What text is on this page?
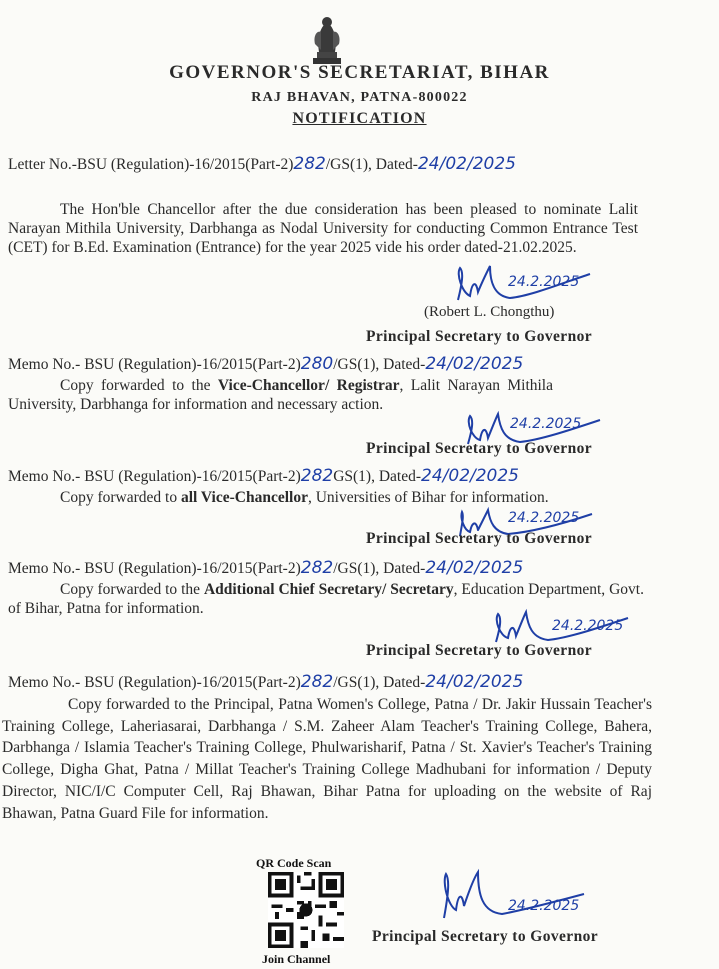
GOVERNOR'S SECRETARIAT, BIHAR
RAJ BHAVAN, PATNA-800022
NOTIFICATION
Letter No.-BSU (Regulation)-16/2015(Part-2)282/GS(1), Dated-24/02/2025
The Hon'ble Chancellor after the due consideration has been pleased to nominate Lalit Narayan Mithila University, Darbhanga as Nodal University for conducting Common Entrance Test (CET) for B.Ed. Examination (Entrance) for the year 2025 vide his order dated-21.02.2025.
24.2.2025
(Robert L. Chongthu)
Principal Secretary to Governor
Memo No.- BSU (Regulation)-16/2015(Part-2)280/GS(1), Dated-24/02/2025
Copy forwarded to the Vice-Chancellor/ Registrar, Lalit Narayan Mithila University, Darbhanga for information and necessary action.
24.2.2025
Principal Secretary to Governor
Memo No.- BSU (Regulation)-16/2015(Part-2)282GS(1), Dated-24/02/2025
Copy forwarded to all Vice-Chancellor, Universities of Bihar for information.
24.2.2025
Principal Secretary to Governor
Memo No.- BSU (Regulation)-16/2015(Part-2)282/GS(1), Dated-24/02/2025
Copy forwarded to the Additional Chief Secretary/ Secretary, Education Department, Govt. of Bihar, Patna for information.
24.2.2025
Principal Secretary to Governor
Memo No.- BSU (Regulation)-16/2015(Part-2)282/GS(1), Dated-24/02/2025
Copy forwarded to the Principal, Patna Women's College, Patna / Dr. Jakir Hussain Teacher's Training College, Laheriasarai, Darbhanga / S.M. Zaheer Alam Teacher's Training College, Bahera, Darbhanga / Islamia Teacher's Training College, Phulwarisharif, Patna / St. Xavier's Teacher's Training College, Digha Ghat, Patna / Millat Teacher's Training College Madhubani for information / Deputy Director, NIC/I/C Computer Cell, Raj Bhawan, Bihar Patna for uploading on the website of Raj Bhawan, Patna Guard File for information.
QR Code Scan
Join Channel
24.2.2025
Principal Secretary to Governor
